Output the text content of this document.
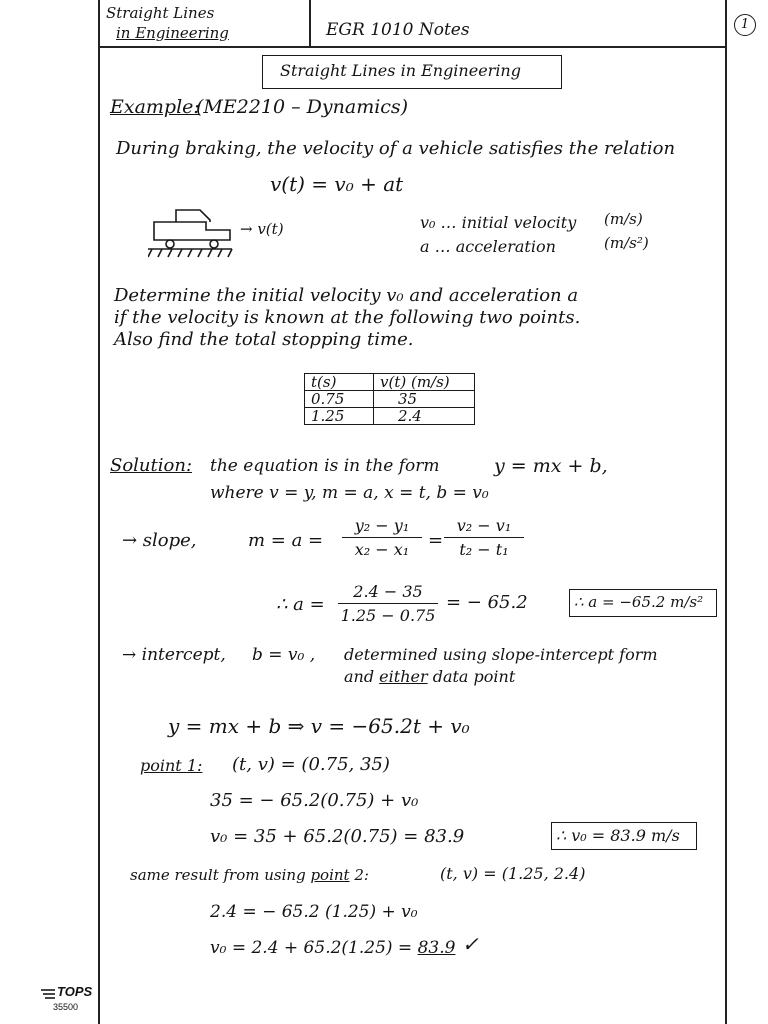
Straight Lines
in Engineering	EGR 1010 Notes	1
Straight Lines in Engineering
Example:
(ME2210 – Dynamics)
During braking, the velocity of a vehicle satisfies the relation
v(t) = v₀ + at
→ v(t)	v₀ … initial velocity (m/s)
a … acceleration	(m/s²)
Determine the initial velocity v₀ and acceleration a
if the velocity is known at the following two points.
Also find the total stopping time.
t(s)	v(t) (m/s)
0.75	35
1.25	2.4
Solution: the equation is in the form	y = mx + b,
where v = y, m = a, x = t, b = v₀
→ slope,	$m = a = \frac{\text{y₂ − y₁}}{\text{x₂ − x₁}} = \frac{\text{v₂ − v₁}}{\text{t₂ − t₁}}$
∴ $a = \frac{2.4 - 35}{1.25 - 0.75}$ = − 65.2	∴ a = −65.2 m/s²
→ intercept, b = v₀ , determined using slope-intercept form
and either data point
y = mx + b ⇒ v = −65.2t + v₀
point 1: (t, v) = (0.75, 35)
35 = − 65.2(0.75) + v₀
v₀ = 35 + 65.2(0.75) = 83.9	∴ v₀ = 83.9 m/s
same result from using point 2:	(t, v) = (1.25, 2.4)
2.4 = − 65.2 (1.25) + v₀
v₀ = 2.4 + 65.2(1.25) = 83.9 ✓
TOPS
35500
